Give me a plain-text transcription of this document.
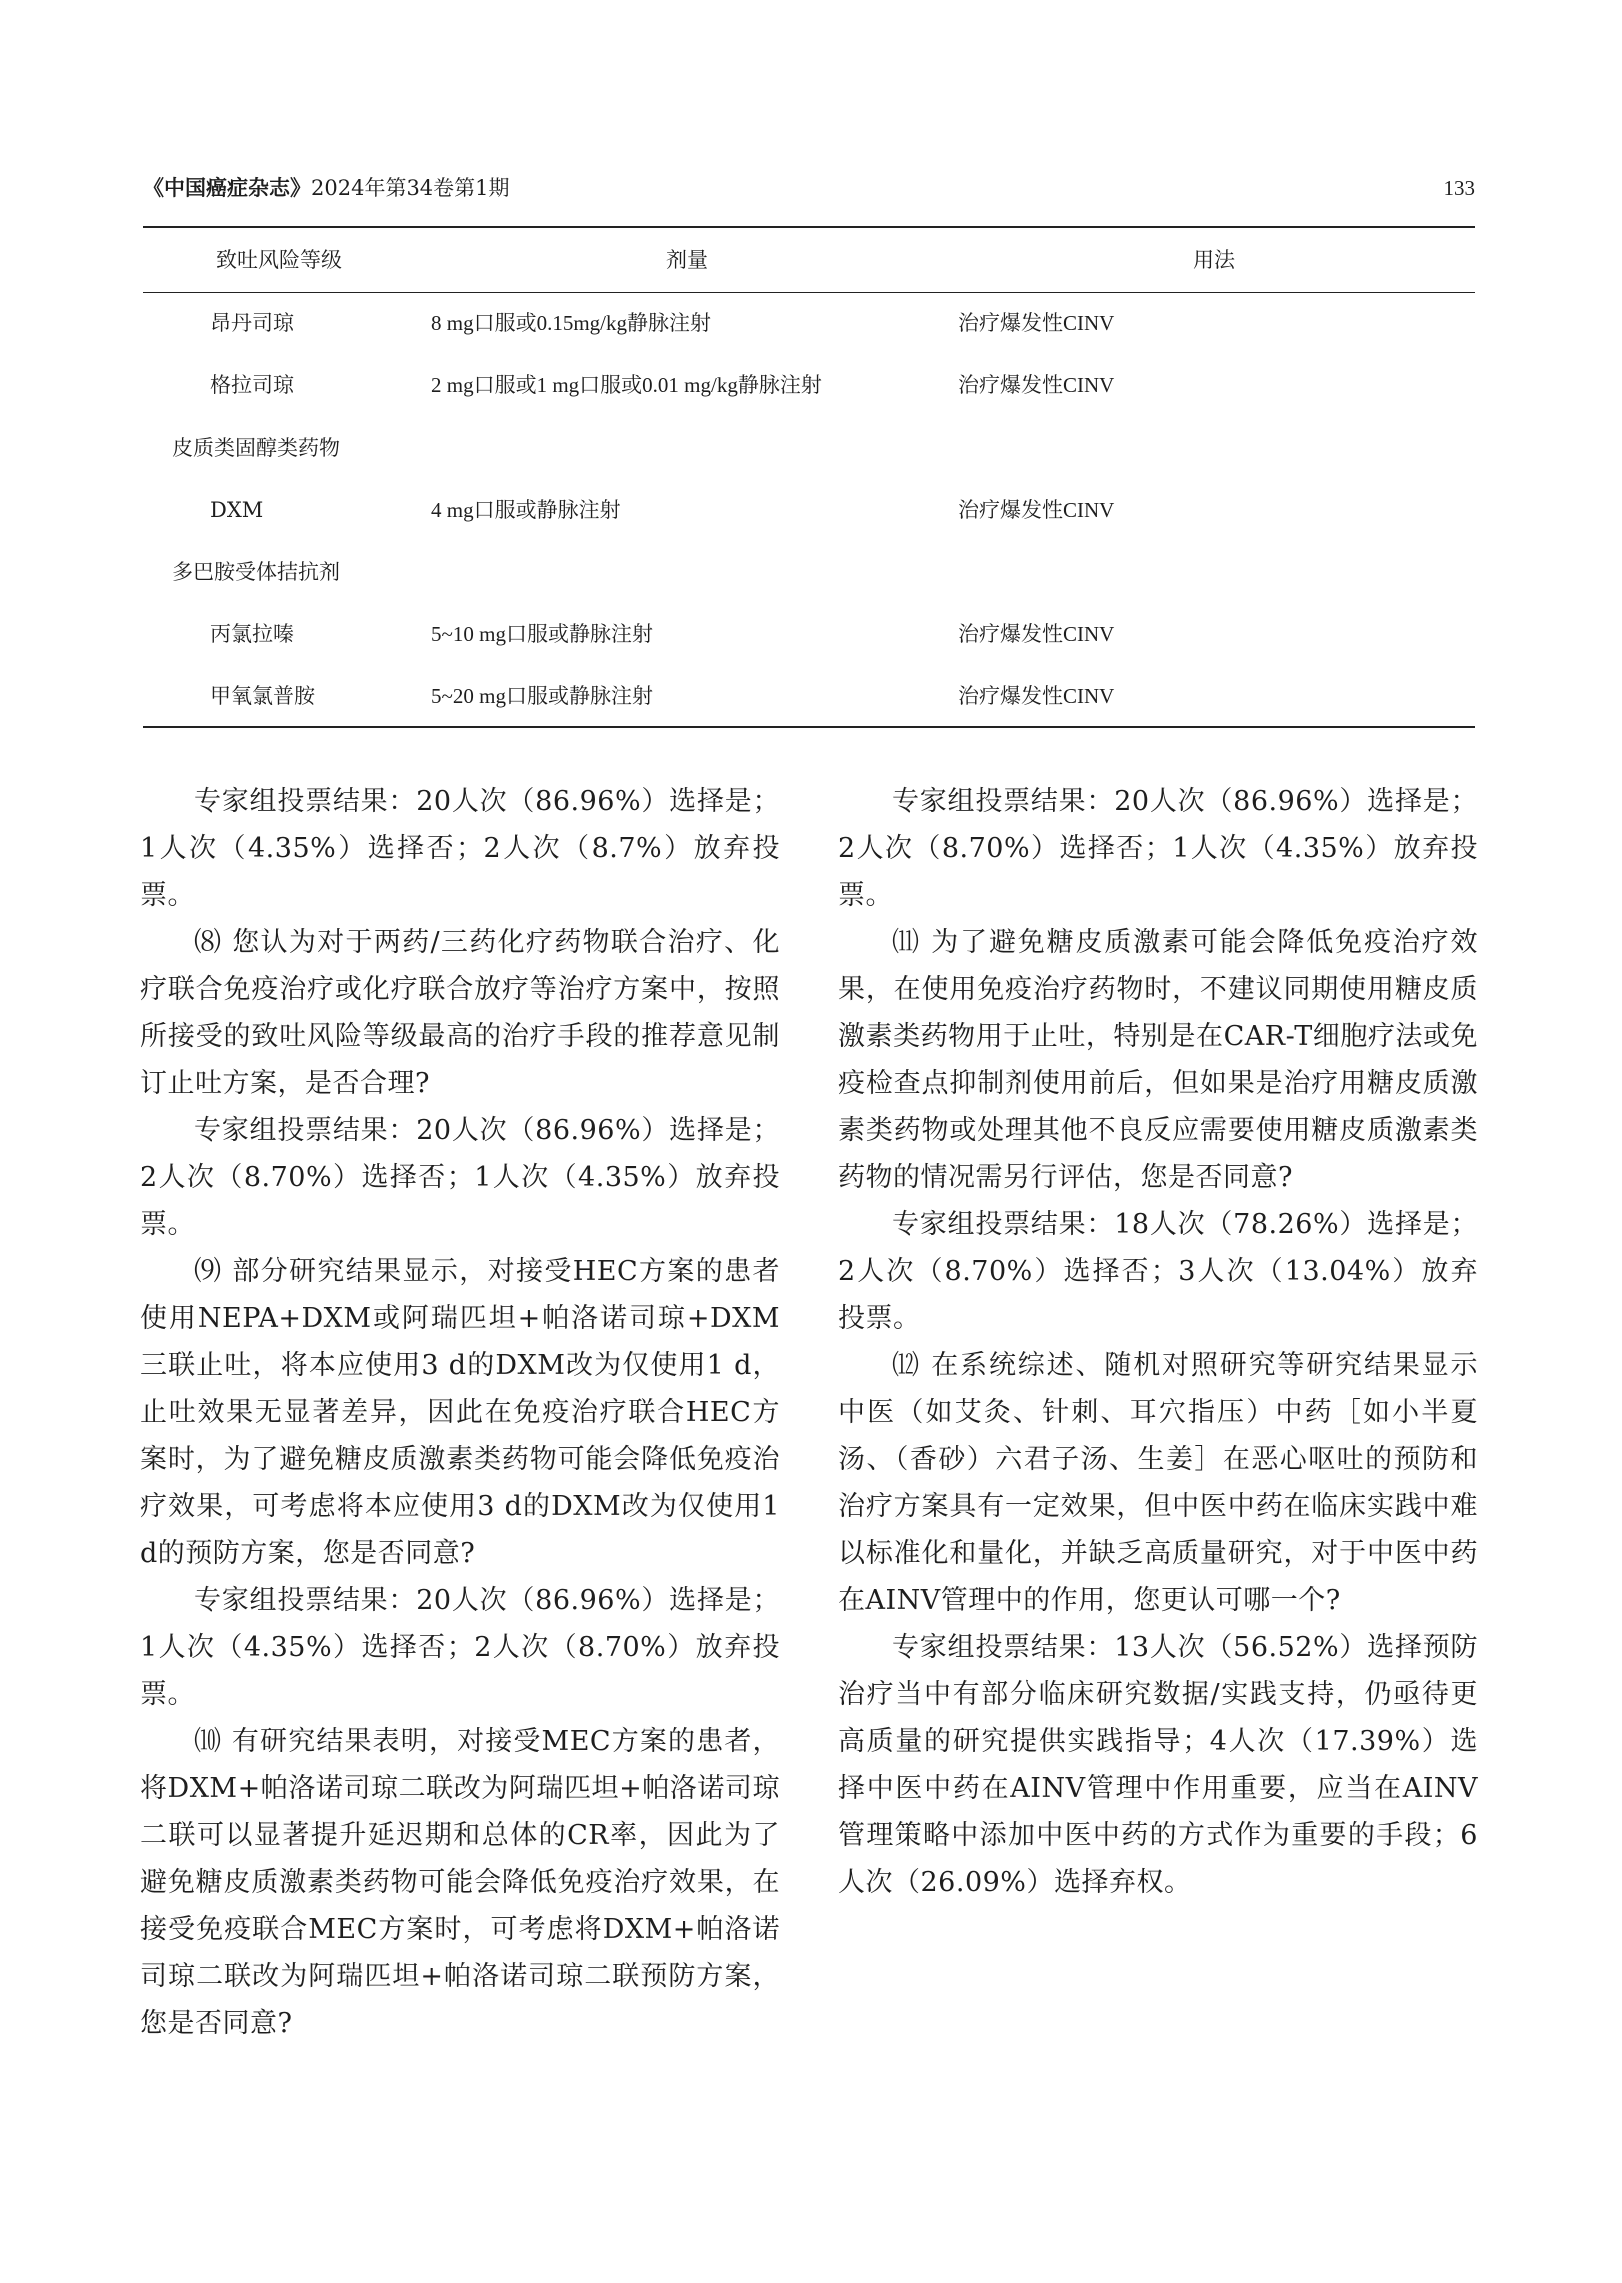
《中国癌症杂志》2024年第34卷第1期	133
致吐风险等级	剂量	用法
昂丹司琼	8 mg口服或0.15mg/kg静脉注射	治疗爆发性CINV
格拉司琼	2 mg口服或1 mg口服或0.01 mg/kg静脉注射	治疗爆发性CINV
皮质类固醇类药物
DXM	4 mg口服或静脉注射	治疗爆发性CINV
多巴胺受体拮抗剂
丙氯拉嗪	5~10 mg口服或静脉注射	治疗爆发性CINV
甲氧氯普胺	5~20 mg口服或静脉注射	治疗爆发性CINV

专家组投票结果：20人次（86.96%）选择是；1人次（4.35%）选择否；2人次（8.7%）放弃投票。

⑻ 您认为对于两药/三药化疗药物联合治疗、化疗联合免疫治疗或化疗联合放疗等治疗方案中，按照所接受的致吐风险等级最高的治疗手段的推荐意见制订止吐方案，是否合理?

专家组投票结果：20人次（86.96%）选择是；2人次（8.70%）选择否；1人次（4.35%）放弃投票。

⑼ 部分研究结果显示，对接受HEC方案的患者使用NEPA+DXM或阿瑞匹坦+帕洛诺司琼+DXM三联止吐，将本应使用3 d的DXM改为仅使用1 d，止吐效果无显著差异，因此在免疫治疗联合HEC方案时，为了避免糖皮质激素类药物可能会降低免疫治疗效果，可考虑将本应使用3 d的DXM改为仅使用1 d的预防方案，您是否同意?

专家组投票结果：20人次（86.96%）选择是；1人次（4.35%）选择否；2人次（8.70%）放弃投票。

⑽ 有研究结果表明，对接受MEC方案的患者，将DXM+帕洛诺司琼二联改为阿瑞匹坦+帕洛诺司琼二联可以显著提升延迟期和总体的CR率，因此为了避免糖皮质激素类药物可能会降低免疫治疗效果，在接受免疫联合MEC方案时，可考虑将DXM+帕洛诺司琼二联改为阿瑞匹坦+帕洛诺司琼二联预防方案，您是否同意?

专家组投票结果：20人次（86.96%）选择是；2人次（8.70%）选择否；1人次（4.35%）放弃投票。

⑾ 为了避免糖皮质激素可能会降低免疫治疗效果，在使用免疫治疗药物时，不建议同期使用糖皮质激素类药物用于止吐，特别是在CAR-T细胞疗法或免疫检查点抑制剂使用前后，但如果是治疗用糖皮质激素类药物或处理其他不良反应需要使用糖皮质激素类药物的情况需另行评估，您是否同意?

专家组投票结果：18人次（78.26%）选择是；2人次（8.70%）选择否；3人次（13.04%）放弃投票。

⑿ 在系统综述、随机对照研究等研究结果显示中医（如艾灸、针刺、耳穴指压）中药［如小半夏汤、（香砂）六君子汤、生姜］在恶心呕吐的预防和治疗方案具有一定效果，但中医中药在临床实践中难以标准化和量化，并缺乏高质量研究，对于中医中药在AINV管理中的作用，您更认可哪一个?

专家组投票结果：13人次（56.52%）选择预防治疗当中有部分临床研究数据/实践支持，仍亟待更高质量的研究提供实践指导；4人次（17.39%）选择中医中药在AINV管理中作用重要，应当在AINV管理策略中添加中医中药的方式作为重要的手段；6人次（26.09%）选择弃权。
